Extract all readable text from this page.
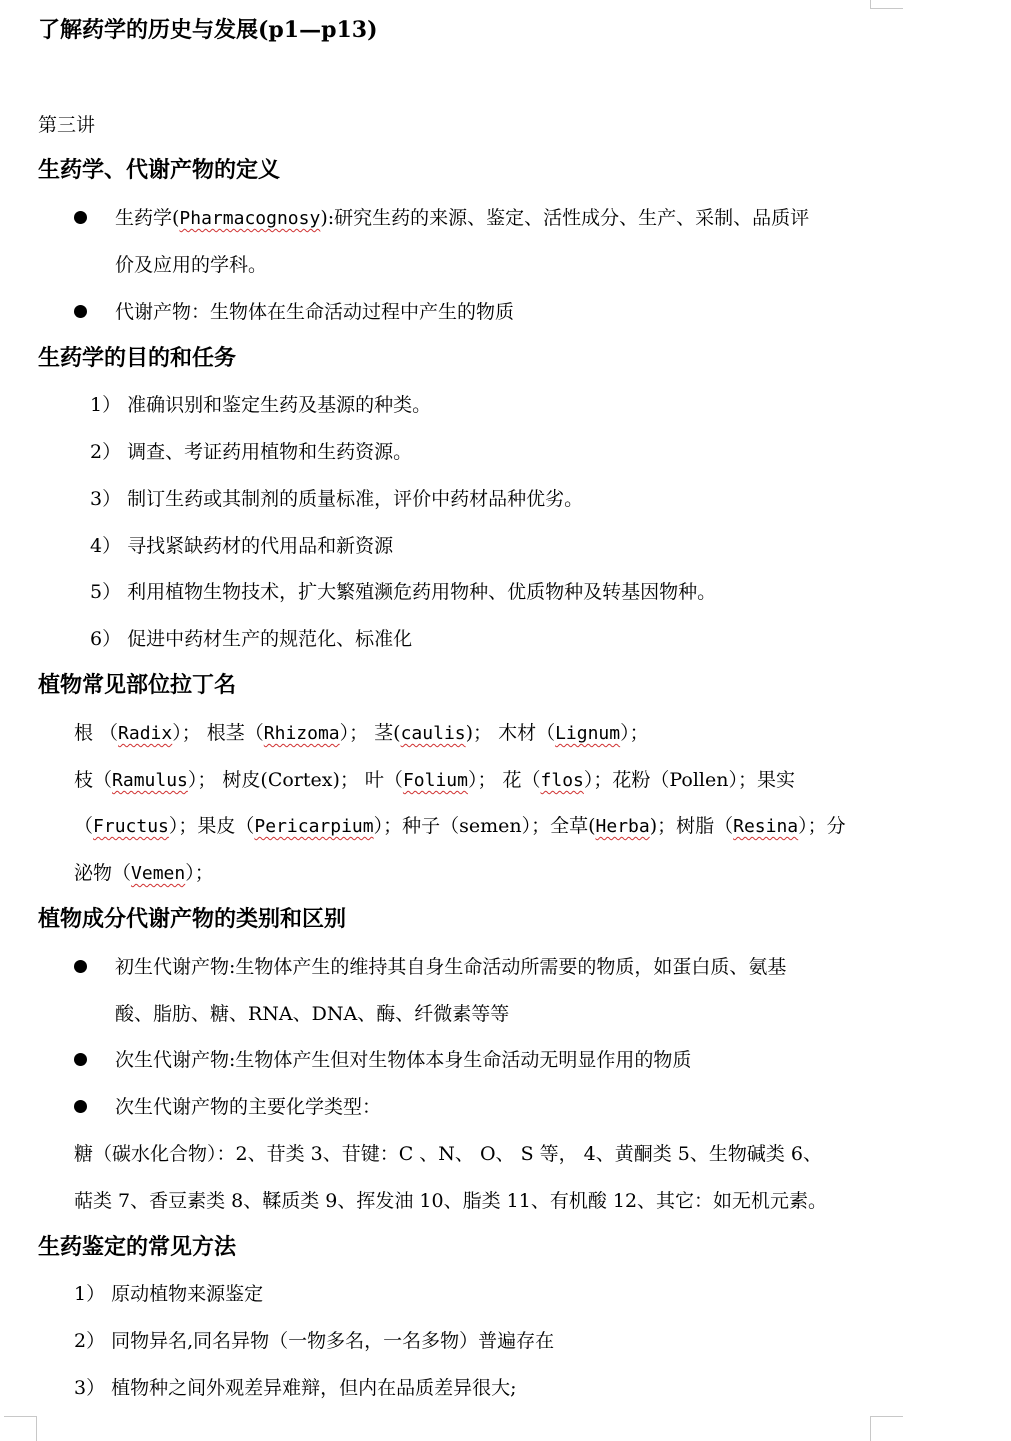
了解药学的历史与发展(p1—p13)
第三讲
生药学、代谢产物的定义
生药学(Pharmacognosy):研究生药的来源、鉴定、活性成分、生产、采制、品质评
价及应用的学科。
代谢产物：生物体在生命活动过程中产生的物质
生药学的目的和任务
1） 准确识别和鉴定生药及基源的种类。
2） 调查、考证药用植物和生药资源。
3） 制订生药或其制剂的质量标准，评价中药材品种优劣。
4） 寻找紧缺药材的代用品和新资源
5） 利用植物生物技术，扩大繁殖濒危药用物种、优质物种及转基因物种。
6） 促进中药材生产的规范化、标准化
植物常见部位拉丁名
根 （Radix）； 根茎（Rhizoma）； 茎(caulis)； 木材（Lignum）；
枝（Ramulus）； 树皮(Cortex)； 叶（Folium）； 花（flos）；花粉（Pollen）；果实
（Fructus）；果皮（Pericarpium）；种子（semen）；全草(Herba)；树脂（Resina）；分
泌物（Vemen）；
植物成分代谢产物的类别和区别
初生代谢产物:生物体产生的维持其自身生命活动所需要的物质，如蛋白质、氨基
酸、脂肪、糖、RNA、DNA、酶、纤微素等等
次生代谢产物:生物体产生但对生物体本身生命活动无明显作用的物质
次生代谢产物的主要化学类型：
糖（碳水化合物）：2、苷类 3、苷键：C 、N、 O、 S 等， 4、黄酮类 5、生物碱类 6、
萜类 7、香豆素类 8、鞣质类 9、挥发油 10、脂类 11、有机酸 12、其它：如无机元素。
生药鉴定的常见方法
1） 原动植物来源鉴定
2） 同物异名,同名异物（一物多名，一名多物）普遍存在
3） 植物种之间外观差异难辩，但内在品质差异很大;
